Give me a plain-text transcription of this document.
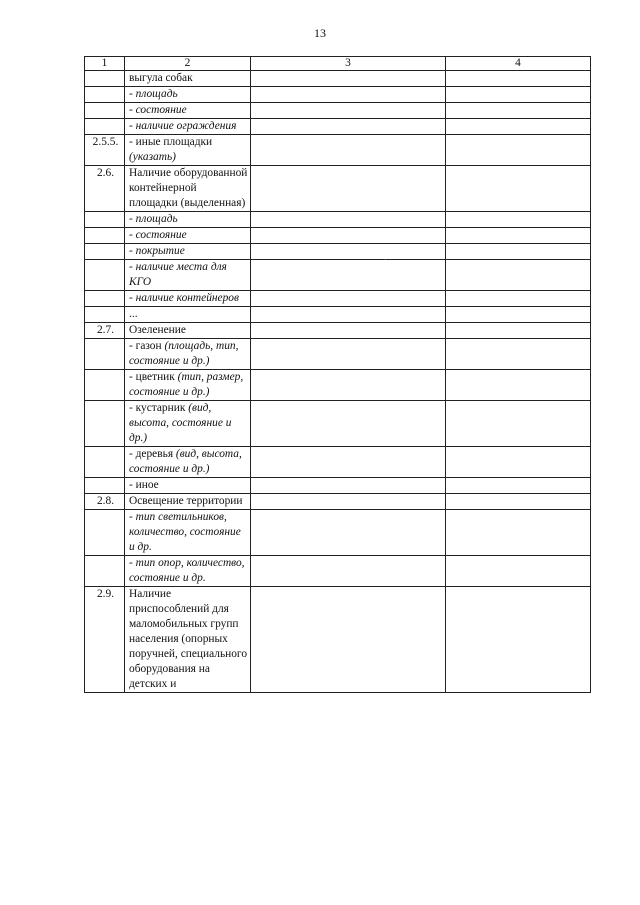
13
1	2	3	4
	выгула собак		
	- площадь		
	- состояние		
	- наличие ограждения		
2.5.5.	- иные площадки (указать)		
2.6.	Наличие оборудованной контейнерной площадки (выделенная)		
	- площадь		
	- состояние		
	- покрытие		
	- наличие места для КГО		
	- наличие контейнеров		
	...		
2.7.	Озеленение		
	- газон (площадь, тип, состояние и др.)		
	- цветник (тип, размер, состояние и др.)		
	- кустарник (вид, высота, состояние и др.)		
	- деревья (вид, высота, состояние и др.)		
	- иное		
2.8.	Освещение территории		
	- тип светильников, количество, состояние и др.		
	- тип опор, количество, состояние и др.		
2.9.	Наличие приспособлений для маломобильных групп населения (опорных поручней, специального оборудования на детских и		
